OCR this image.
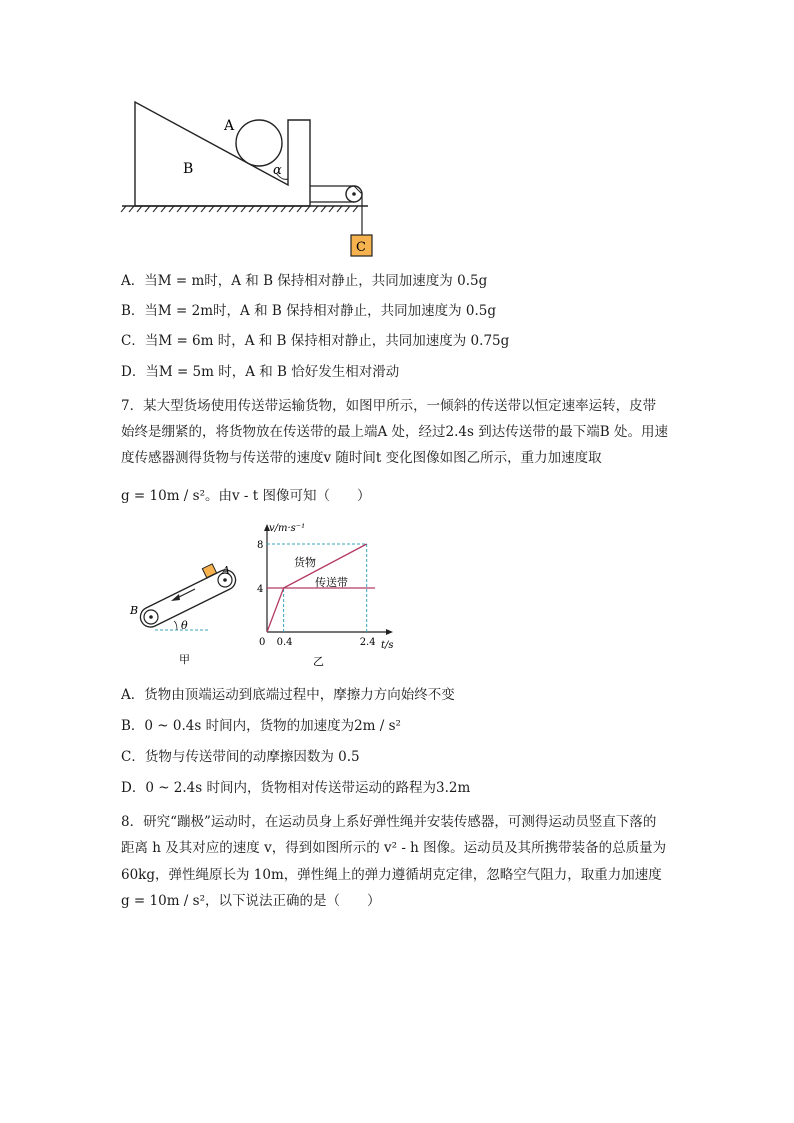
A
B	α
C
A．当M = m时，A 和 B 保持相对静止，共同加速度为 0.5g
B．当M = 2m时，A 和 B 保持相对静止，共同加速度为 0.5g
C．当M = 6m 时，A 和 B 保持相对静止，共同加速度为 0.75g
D．当M = 5m 时，A 和 B 恰好发生相对滑动
7．某大型货场使用传送带运输货物，如图甲所示，一倾斜的传送带以恒定速率运转，皮带
始终是绷紧的，将货物放在传送带的最上端A 处，经过2.4s 到达传送带的最下端B 处。用速
度传感器测得货物与传送带的速度v 随时间t 变化图像如图乙所示，重力加速度取
g = 10m / s²。由v - t 图像可知（　　）
A
B
θ
甲
v/m·s⁻¹
t/s
0
4
8
0.4	2.4
货物
传送带
乙
A．货物由顶端运动到底端过程中，摩擦力方向始终不变
B．0 ~ 0.4s 时间内，货物的加速度为2m / s²
C．货物与传送带间的动摩擦因数为 0.5
D．0 ~ 2.4s 时间内，货物相对传送带运动的路程为3.2m
8．研究“蹦极”运动时，在运动员身上系好弹性绳并安装传感器，可测得运动员竖直下落的
距离 h 及其对应的速度 v，得到如图所示的 v² - h 图像。运动员及其所携带装备的总质量为
60kg，弹性绳原长为 10m，弹性绳上的弹力遵循胡克定律，忽略空气阻力，取重力加速度
g = 10m / s²，以下说法正确的是（　　）
